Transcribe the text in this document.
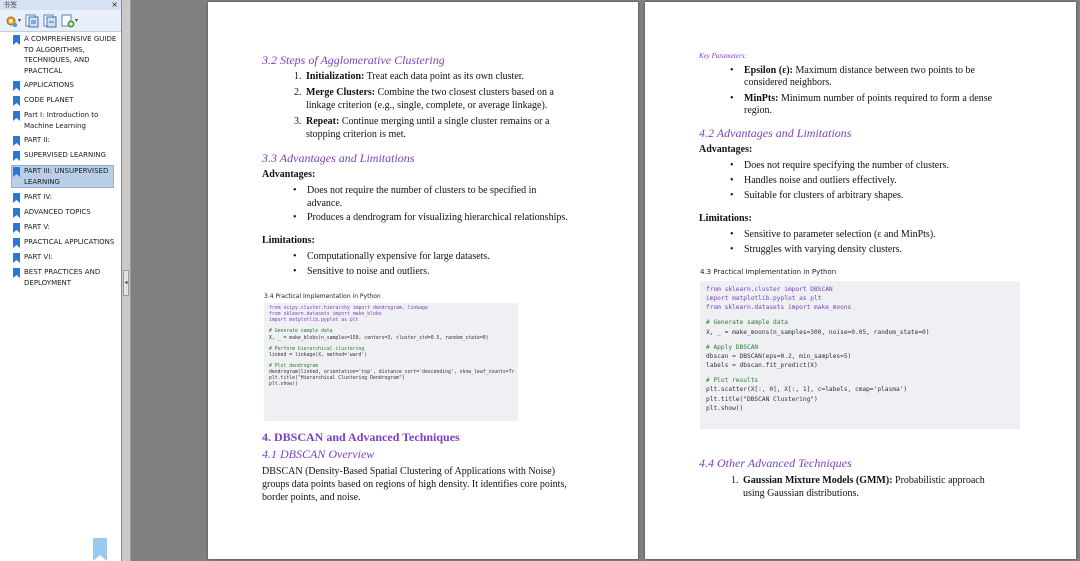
书签	×
▾	▾
A COMPREHENSIVE GUIDE TO ALGORITHMS, TECHNIQUES, AND PRACTICAL
APPLICATIONS
CODE PLANET
Part I: Introduction to Machine Learning
PART II:
SUPERVISED LEARNING
PART III: UNSUPERVISED LEARNING
PART IV:
ADVANCED TOPICS
PART V:
PRACTICAL APPLICATIONS
PART VI:
BEST PRACTICES AND DEPLOYMENT	◂
3.2 Steps of Agglomerative Clustering
1. Initialization: Treat each data point as its own cluster.
2. Merge Clusters: Combine the two closest clusters based on a
linkage criterion (e.g., single, complete, or average linkage).
3. Repeat: Continue merging until a single cluster remains or a
stopping criterion is met.
3.3 Advantages and Limitations
Advantages:
• Does not require the number of clusters to be specified in
advance.
• Produces a dendrogram for visualizing hierarchical relationships.
Limitations:
• Computationally expensive for large datasets.
• Sensitive to noise and outliers.
3.4 Practical Implementation in Python
from scipy.cluster.hierarchy import dendrogram, linkage
from sklearn.datasets import make_blobs
import matplotlib.pyplot as plt
# Generate sample data
X, _ = make_blobs(n_samples=150, centers=3, cluster_std=0.5, random_state=0)
# Perform hierarchical clustering
linked = linkage(X, method='ward')
# Plot dendrogram
dendrogram(linked, orientation='top', distance_sort='descending', show_leaf_counts=Tr
plt.title("Hierarchical Clustering Dendrogram")
plt.show()
4. DBSCAN and Advanced Techniques
4.1 DBSCAN Overview
DBSCAN (Density-Based Spatial Clustering of Applications with Noise)
groups data points based on regions of high density. It identifies core points,
border points, and noise.
Key Parameters:
• Epsilon (ε): Maximum distance between two points to be
considered neighbors.
• MinPts: Minimum number of points required to form a dense
region.
4.2 Advantages and Limitations
Advantages:
• Does not require specifying the number of clusters.
• Handles noise and outliers effectively.
• Suitable for clusters of arbitrary shapes.
Limitations:
• Sensitive to parameter selection (ε and MinPts).
• Struggles with varying density clusters.
4.3 Practical Implementation in Python
from sklearn.cluster import DBSCAN
import matplotlib.pyplot as plt
from sklearn.datasets import make_moons
# Generate sample data
X, _ = make_moons(n_samples=300, noise=0.05, random_state=0)
# Apply DBSCAN
dbscan = DBSCAN(eps=0.2, min_samples=5)
labels = dbscan.fit_predict(X)
# Plot results
plt.scatter(X[:, 0], X[:, 1], c=labels, cmap='plasma')
plt.title("DBSCAN Clustering")
plt.show()
4.4 Other Advanced Techniques
1. Gaussian Mixture Models (GMM): Probabilistic approach
using Gaussian distributions.
